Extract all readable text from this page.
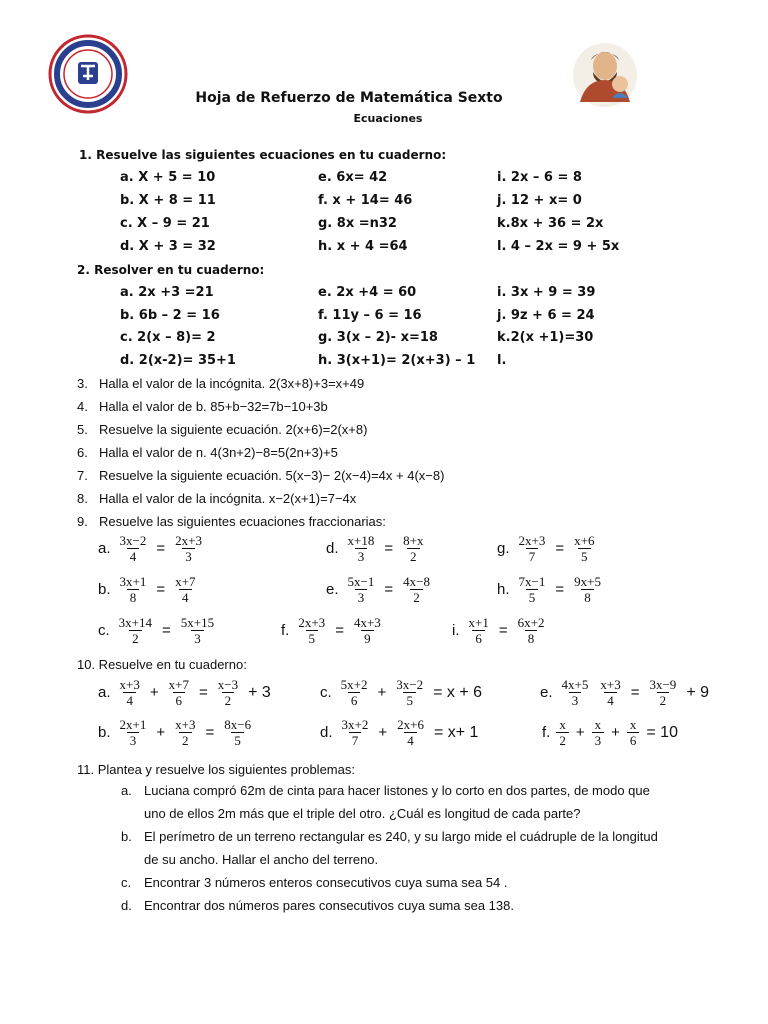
Hoja de Refuerzo de Matemática Sexto
Ecuaciones
1. Resuelve las siguientes ecuaciones en tu cuaderno:
a. X + 5 = 10	e. 6x= 42	i. 2x – 6 = 8
b. X + 8 = 11	f. x + 14= 46	j. 12 + x= 0
c. X – 9 = 21	g. 8x =n32	k.8x + 36 = 2x
d. X + 3 = 32	h. x + 4 =64	l. 4 – 2x = 9 + 5x
2. Resolver en tu cuaderno:
a. 2x +3 =21	e. 2x +4 = 60	i. 3x + 9 = 39
b. 6b – 2 = 16	f. 11y – 6 = 16	j. 9z + 6 = 24
c. 2(x – 8)= 2	g. 3(x – 2)- x=18	k.2(x +1)=30
d. 2(x-2)= 35+1	h. 3(x+1)= 2(x+3) – 1 l.
3. Halla el valor de la incógnita. 2(3x+8)+3=x+49
4. Halla el valor de b. 85+b−32=7b−10+3b
5. Resuelve la siguiente ecuación. 2(x+6)=2(x+8)
6. Halla el valor de n. 4(3n+2)−8=5(2n+3)+5
7. Resuelve la siguiente ecuación. 5(x−3)− 2(x−4)=4x + 4(x−8)
8. Halla el valor de la incógnita. x−2(x+1)=7−4x
9. Resuelve las siguientes ecuaciones fraccionarias:
a. $\frac{3x-2}{4} = \frac{2x+3}{3}$	d. $\frac{x+18}{3} = \frac{8+x}{2}$	g. $\frac{2x+3}{7} = \frac{x+6}{5}$
b. $\frac{3x+1}{8} = \frac{x+7}{4}$	e. $\frac{5x-1}{3} = \frac{4x-8}{2}$	h. $\frac{7x-1}{5} = \frac{9x+5}{8}$
c. $\frac{3x+14}{2} = \frac{5x+15}{3}$	f. $\frac{2x+3}{5} = \frac{4x+3}{9}$	i. $\frac{x+1}{6} = \frac{6x+2}{8}$
10. Resuelve en tu cuaderno:
a. $\frac{x+3}{4} + \frac{x+7}{6} = \frac{x-3}{2} + 3$	c. $\frac{5x+2}{6} + \frac{3x-2}{5} = x + 6$	e. $\frac{4x+5}{3} \frac{x+3}{4} = \frac{3x-9}{2} + 9$
b. $\frac{2x+1}{3} + \frac{x+3}{2} = \frac{8x-6}{5}$	d. $\frac{3x+2}{7} + \frac{2x+6}{4} = x+ 1$	f. $\frac{x}{2} + \frac{x}{3} + \frac{x}{6} = 10$
11. Plantea y resuelve los siguientes problemas:
a. Luciana compró 62m de cinta para hacer listones y lo corto en dos partes, de modo que
uno de ellos 2m más que el triple del otro. ¿Cuál es longitud de cada parte?
b. El perímetro de un terreno rectangular es 240, y su largo mide el cuádruple de la longitud
de su ancho. Hallar el ancho del terreno.
c. Encontrar 3 números enteros consecutivos cuya suma sea 54 .
d. Encontrar dos números pares consecutivos cuya suma sea 138.
